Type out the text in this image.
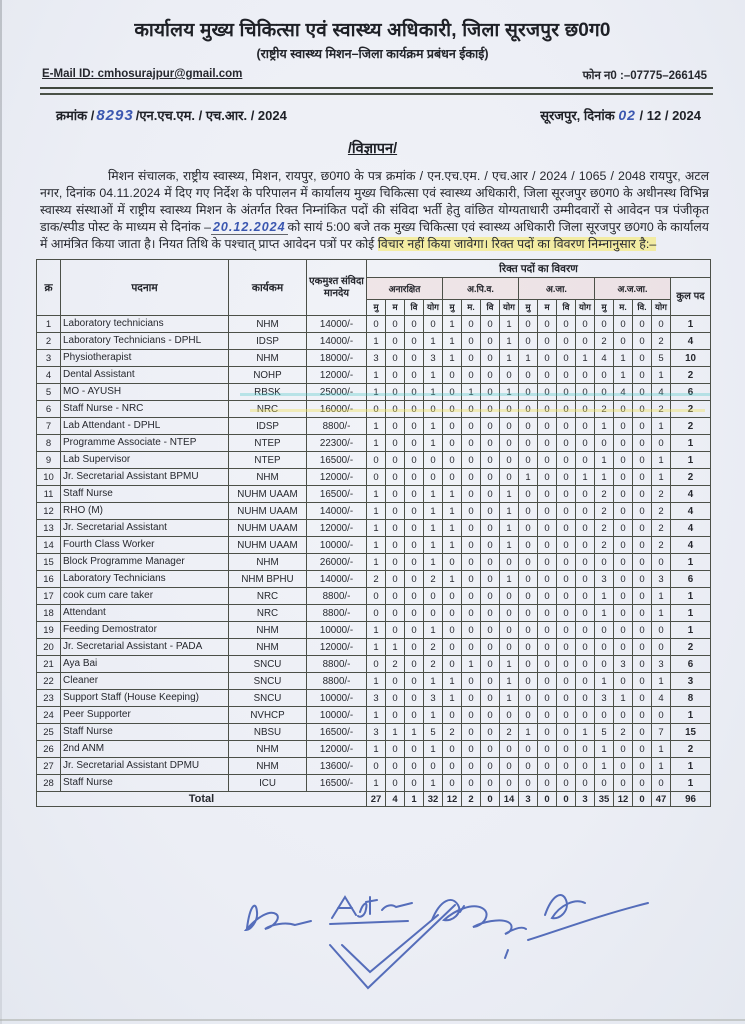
कार्यालय मुख्य चिकित्सा एवं स्वास्थ्य अधिकारी, जिला सूरजपुर छ0ग0
(राष्ट्रीय स्वास्थ्य मिशन–जिला कार्यक्रम प्रबंधन ईकाई)
E-Mail ID: cmhosurajpur@gmail.com	फोन न0 :–07775–266145
क्रमांक / 8293 /एन.एच.एम. / एच.आर. / 2024	सूरजपुर, दिनांक 02 / 12 / 2024
/विज्ञापन/
मिशन संचालक, राष्ट्रीय स्वास्थ्य, मिशन, रायपुर, छ0ग0 के पत्र क्रमांक / एन.एच.एम. / एच.आर / 2024 / 1065 / 2048 रायपुर, अटल नगर, दिनांक 04.11.2024 में दिए गए निर्देश के परिपालन में कार्यालय मुख्य चिकित्सा एवं स्वास्थ्य अधिकारी, जिला सूरजपुर छ0ग0 के अधीनस्थ विभिन्न स्वास्थ्य संस्थाओं में राष्ट्रीय स्वास्थ्य मिशन के अंतर्गत रिक्त निम्नांकित पदों की संविदा भर्ती हेतु वांछित योग्यताधारी उम्मीदवारों से आवेदन पत्र पंजीकृत डाक/स्पीड पोस्ट के माध्यम से दिनांक – 20.12.2024 को सायं 5:00 बजे तक मुख्य चिकित्सा एवं स्वास्थ्य अधिकारी जिला सूरजपुर छ0ग0 के कार्यालय में आमंत्रित किया जाता है। नियत तिथि के पश्चात् प्राप्त आवेदन पत्रों पर कोई विचार नहीं किया जावेगा। रिक्त पदों का विवरण निम्नानुसार है:–
क्र	पदनाम	कार्यकम	एकमुश्त संविदा मानदेय	रिक्त पदों का विवरण																
				अनारक्षित				अ.पि.व.				अ.जा.				अ.ज.जा.				कुल पद
				मु	म	वि	योग	मु	म.	वि	योग	मु	म	वि	योग	मु	म.	वि.	योग	
1	Laboratory technicians	NHM	14000/-	0	0	0	0	1	0	0	1	0	0	0	0	0	0	0	0	1
2	Laboratory Technicians - DPHL	IDSP	14000/-	1	0	0	1	1	0	0	1	0	0	0	0	2	0	0	2	4
3	Physiotherapist	NHM	18000/-	3	0	0	3	1	0	0	1	1	0	0	1	4	1	0	5	10
4	Dental Assistant	NOHP	12000/-	1	0	0	1	0	0	0	0	0	0	0	0	0	1	0	1	2
5	MO - AYUSH	RBSK	25000/-	1	0	0	1	0	1	0	1	0	0	0	0	0	4	0	4	6
6	Staff Nurse - NRC	NRC	16000/-	0	0	0	0	0	0	0	0	0	0	0	0	2	0	0	2	2
7	Lab Attendant - DPHL	IDSP	8800/-	1	0	0	1	0	0	0	0	0	0	0	0	1	0	0	1	2
8	Programme Associate - NTEP	NTEP	22300/-	1	0	0	1	0	0	0	0	0	0	0	0	0	0	0	0	1
9	Lab Supervisor	NTEP	16500/-	0	0	0	0	0	0	0	0	0	0	0	0	1	0	0	1	1
10	Jr. Secretarial Assistant BPMU	NHM	12000/-	0	0	0	0	0	0	0	0	1	0	0	1	1	0	0	1	2
11	Staff Nurse	NUHM UAAM	16500/-	1	0	0	1	1	0	0	1	0	0	0	0	2	0	0	2	4
12	RHO (M)	NUHM UAAM	14000/-	1	0	0	1	1	0	0	1	0	0	0	0	2	0	0	2	4
13	Jr. Secretarial Assistant	NUHM UAAM	12000/-	1	0	0	1	1	0	0	1	0	0	0	0	2	0	0	2	4
14	Fourth Class Worker	NUHM UAAM	10000/-	1	0	0	1	1	0	0	1	0	0	0	0	2	0	0	2	4
15	Block Programme Manager	NHM	26000/-	1	0	0	1	0	0	0	0	0	0	0	0	0	0	0	0	1
16	Laboratory Technicians	NHM BPHU	14000/-	2	0	0	2	1	0	0	1	0	0	0	0	3	0	0	3	6
17	cook cum care taker	NRC	8800/-	0	0	0	0	0	0	0	0	0	0	0	0	1	0	0	1	1
18	Attendant	NRC	8800/-	0	0	0	0	0	0	0	0	0	0	0	0	1	0	0	1	1
19	Feeding Demostrator	NHM	10000/-	1	0	0	1	0	0	0	0	0	0	0	0	0	0	0	0	1
20	Jr. Secretarial Assistant - PADA	NHM	12000/-	1	1	0	2	0	0	0	0	0	0	0	0	0	0	0	0	2
21	Aya Bai	SNCU	8800/-	0	2	0	2	0	1	0	1	0	0	0	0	0	3	0	3	6
22	Cleaner	SNCU	8800/-	1	0	0	1	1	0	0	1	0	0	0	0	1	0	0	1	3
23	Support Staff (House Keeping)	SNCU	10000/-	3	0	0	3	1	0	0	1	0	0	0	0	3	1	0	4	8
24	Peer Supporter	NVHCP	10000/-	1	0	0	1	0	0	0	0	0	0	0	0	0	0	0	0	1
25	Staff Nurse	NBSU	16500/-	3	1	1	5	2	0	0	2	1	0	0	1	5	2	0	7	15
26	2nd ANM	NHM	12000/-	1	0	0	1	0	0	0	0	0	0	0	0	1	0	0	1	2
27	Jr. Secretarial Assistant DPMU	NHM	13600/-	0	0	0	0	0	0	0	0	0	0	0	0	1	0	0	1	1
28	Staff Nurse	ICU	16500/-	1	0	0	1	0	0	0	0	0	0	0	0	0	0	0	0	1
Total				27	4	1	32	12	2	0	14	3	0	0	3	35	12	0	47	96
